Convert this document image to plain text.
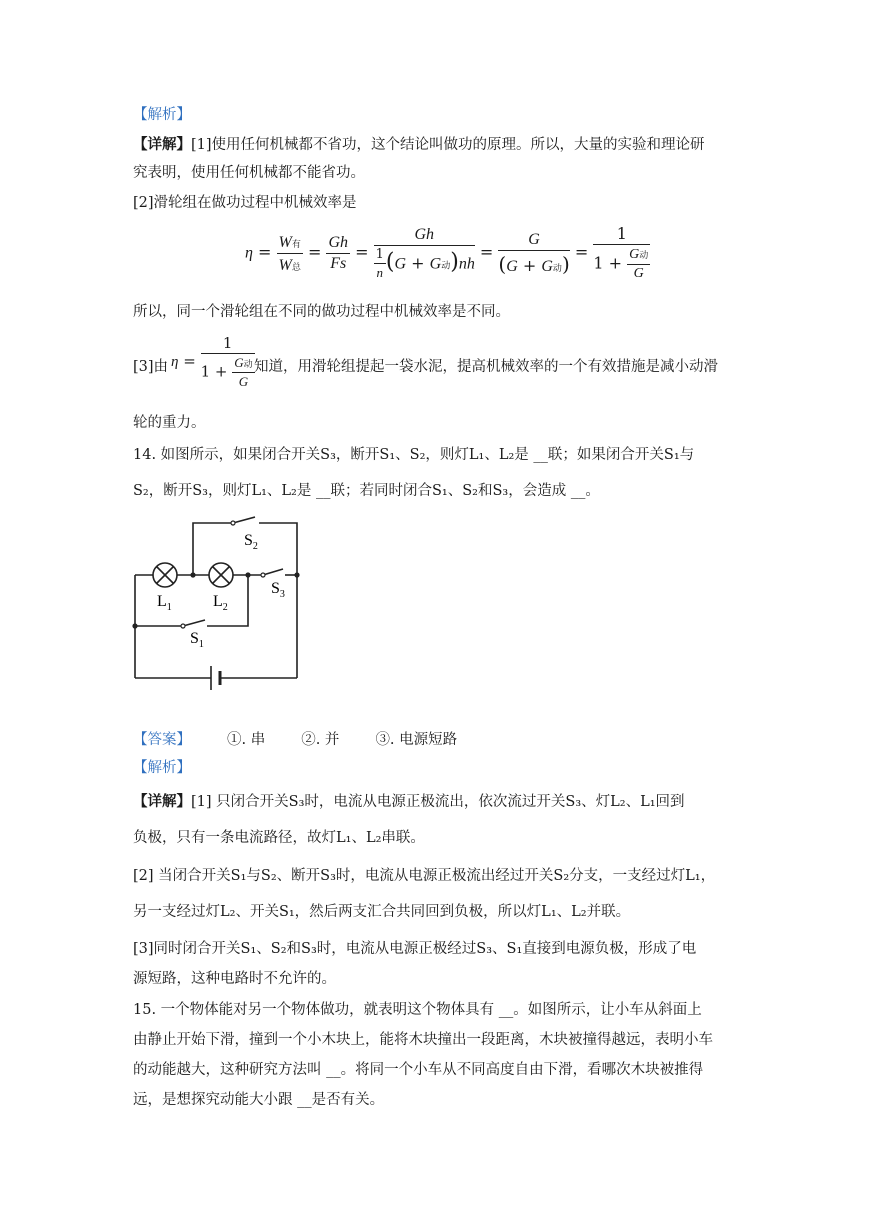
【解析】
【详解】[1]使用任何机械都不省功，这个结论叫做功的原理。所以，大量的实验和理论研
究表明，使用任何机械都不能省功。
[2]滑轮组在做功过程中机械效率是
$\eta = \frac{\text{W有}}{\text{W总}} = \frac{Gh}{Fs} = \frac{Gh}{\frac{1}{n} (G + G动)nh} = \frac{G}{\text{(G + G动)}} = \frac{1}{1 + \frac{\text{G动}}{G}}$
所以，同一个滑轮组在不同的做功过程中机械效率是不同。
[3]由 $\eta = \frac{1}{1 + \frac{\text{G动}}{G}}$ 知道，用滑轮组提起一袋水泥，提高机械效率的一个有效措施是减小动滑
轮的重力。
14. 如图所示，如果闭合开关S₃，断开S₁、S₂，则灯L₁、L₂是 __联；如果闭合开关S₁与
S₂，断开S₃，则灯L₁、L₂是 __联；若同时闭合S₁、S₂和S₃，会造成 __。
$S_2$
$S_3$
$L_1$	$L_2$
$S_1$
【答案】 ①. 串 ②. 并 ③. 电源短路
【解析】
【详解】[1] 只闭合开关S₃时，电流从电源正极流出，依次流过开关S₃、灯L₂、L₁回到
负极，只有一条电流路径，故灯L₁、L₂串联。
[2] 当闭合开关S₁与S₂、断开S₃时，电流从电源正极流出经过开关S₂分支，一支经过灯L₁，
另一支经过灯L₂、开关S₁，然后两支汇合共同回到负极，所以灯L₁、L₂并联。
[3]同时闭合开关S₁、S₂和S₃时，电流从电源正极经过S₃、S₁直接到电源负极，形成了电
源短路，这种电路时不允许的。
15. 一个物体能对另一个物体做功，就表明这个物体具有 __。如图所示，让小车从斜面上
由静止开始下滑，撞到一个小木块上，能将木块撞出一段距离，木块被撞得越远，表明小车
的动能越大，这种研究方法叫 __。将同一个小车从不同高度自由下滑，看哪次木块被推得
远，是想探究动能大小跟 __是否有关。
